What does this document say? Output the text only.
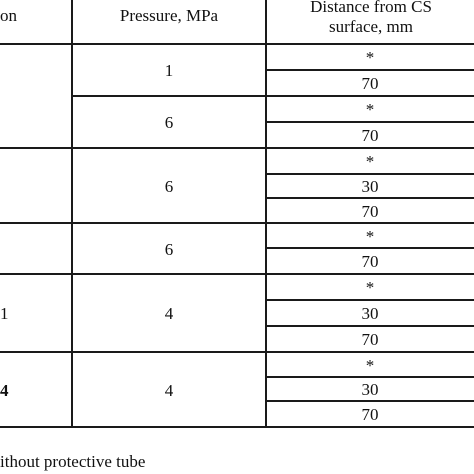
on	Pressure, MPa	Distance from CS
surface, mm
*
70
1
*
70
6
*
30
70
6
*
70
6
*
30
70
4
1
*
30
70
4
4
ithout protective tube
